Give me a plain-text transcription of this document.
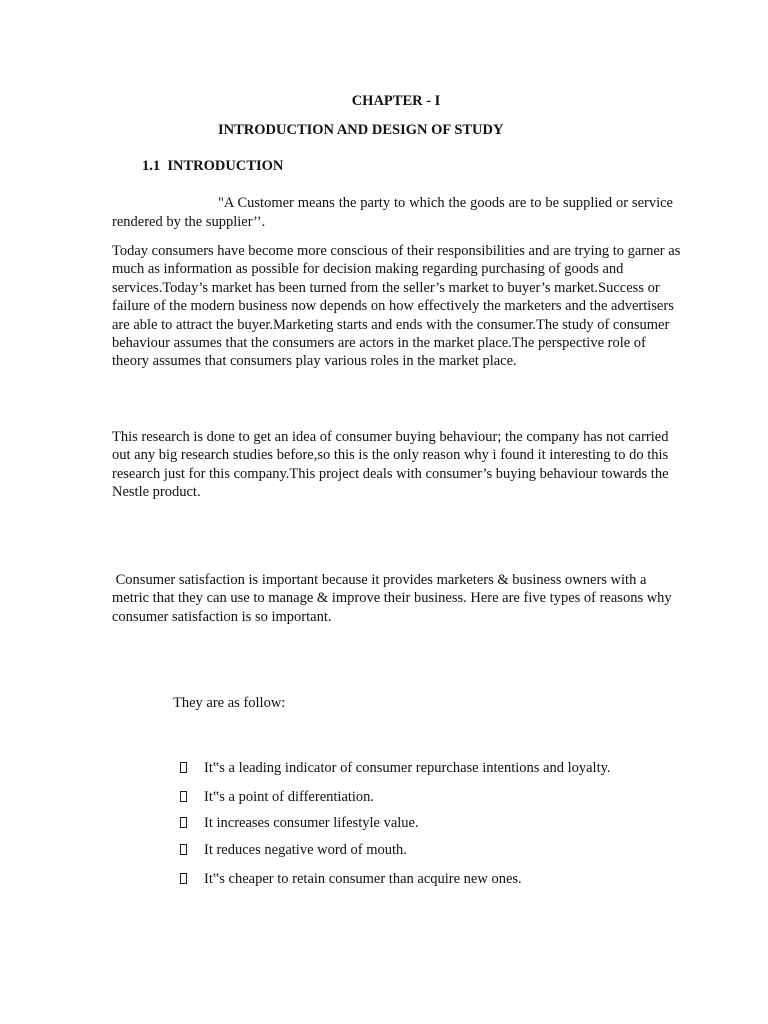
CHAPTER - I
INTRODUCTION AND DESIGN OF STUDY
1.1  INTRODUCTION
"A Customer means the party to which the goods are to be supplied or service rendered by the supplier’’.
Today consumers have become more conscious of their responsibilities and are trying to garner as much as information as possible for decision making regarding purchasing of goods and services.Today’s market has been turned from the seller’s market to buyer’s market.Success or failure of the modern business now depends on how effectively the marketers and the advertisers are able to attract the buyer.Marketing starts and ends with the consumer.The study of consumer behaviour assumes that the consumers are actors in the market place.The perspective role of theory assumes that consumers play various roles in the market place.
This research is done to get an idea of consumer buying behaviour; the company has not carried out any big research studies before,so this is the only reason why i found it interesting to do this research just for this company.This project deals with consumer’s buying behaviour towards the Nestle product.
Consumer satisfaction is important because it provides marketers & business owners with a metric that they can use to manage & improve their business. Here are five types of reasons why consumer satisfaction is so important.
They are as follow:
It‟s a leading indicator of consumer repurchase intentions and loyalty.
It‟s a point of differentiation.
It increases consumer lifestyle value.
It reduces negative word of mouth.
It‟s cheaper to retain consumer than acquire new ones.
